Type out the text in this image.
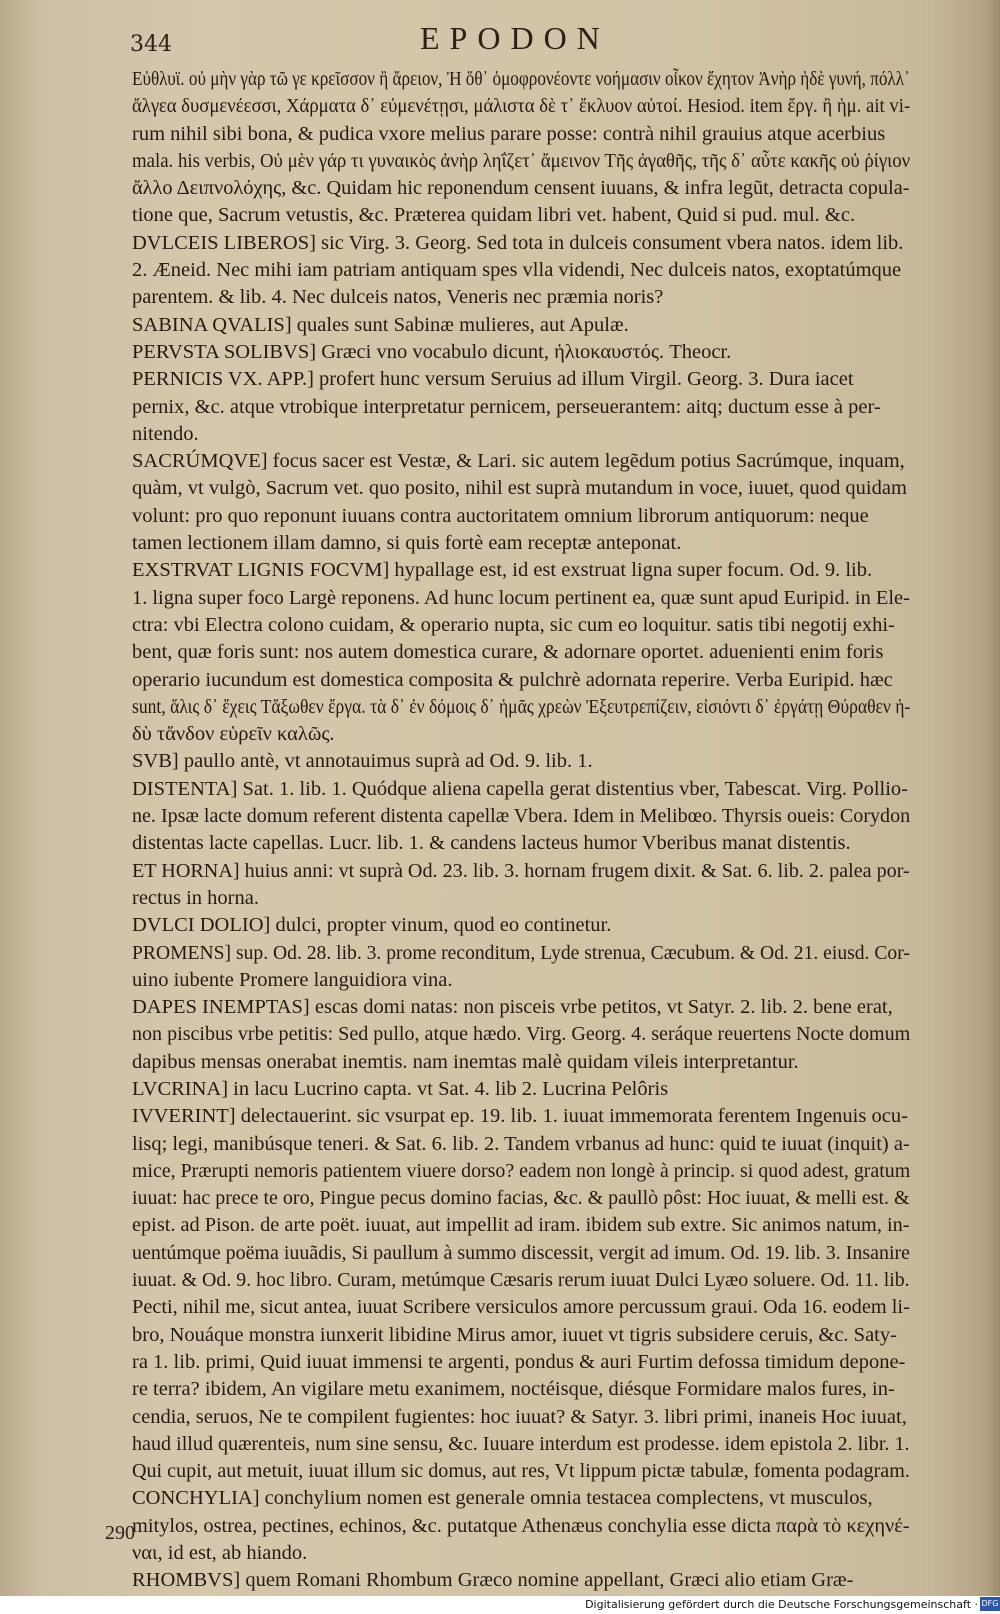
344	EPODON
Εὐθλυϊ. οὐ μὴν γὰρ τῶ γε κρεῖσσον ἢ ἄρειον, Ἠ ὅθ᾽ ὁμοφρονέοντε νοήμασιν οἶκον ἔχητον Ἀνὴρ ἠδὲ γυνή, πόλλ᾽
ἄλγεα δυσμενέεσσι, Χάρματα δ᾽ εὐμενέτῃσι, μάλιστα δὲ τ᾽ ἔκλυον αὐτοί. Hesiod. item ἔργ. ἢ ἡμ. ait vi-
rum nihil sibi bona, & pudica vxore melius parare posse: contrà nihil grauius atque acerbius
mala. his verbis, Οὐ μὲν γάρ τι γυναικὸς ἀνὴρ ληΐζετ᾽ ἄμεινον Τῆς ἀγαθῆς, τῆς δ᾽ αὖτε κακῆς οὐ ῥίγιον
ἄλλο Δειπνολόχης, &c. Quidam hic reponendum censent iuuans, & infra legũt, detracta copula-
tione que, Sacrum vetustis, &c. Præterea quidam libri vet. habent, Quid si pud. mul. &c.
DVLCEIS LIBEROS] sic Virg. 3. Georg. Sed tota in dulceis consument vbera natos. idem lib.
2. Æneid. Nec mihi iam patriam antiquam spes vlla videndi, Nec dulceis natos, exoptatúmque
parentem. & lib. 4. Nec dulceis natos, Veneris nec præmia noris?
SABINA QVALIS] quales sunt Sabinæ mulieres, aut Apulæ.
PERVSTA SOLIBVS] Græci vno vocabulo dicunt, ἡλιοκαυστός. Theocr.
PERNICIS VX. APP.] profert hunc versum Seruius ad illum Virgil. Georg. 3. Dura iacet
pernix, &c. atque vtrobique interpretatur pernicem, perseuerantem: aitq; ductum esse à per-
nitendo.
SACRÚMQVE] focus sacer est Vestæ, & Lari. sic autem legẽdum potius Sacrúmque, inquam,
quàm, vt vulgò, Sacrum vet. quo posito, nihil est suprà mutandum in voce, iuuet, quod quidam
volunt: pro quo reponunt iuuans contra auctoritatem omnium librorum antiquorum: neque
tamen lectionem illam damno, si quis fortè eam receptæ anteponat.
EXSTRVAT LIGNIS FOCVM] hypallage est, id est exstruat ligna super focum. Od. 9. lib.
1. ligna super foco Largè reponens. Ad hunc locum pertinent ea, quæ sunt apud Euripid. in Ele-
ctra: vbi Electra colono cuidam, & operario nupta, sic cum eo loquitur. satis tibi negotij exhi-
bent, quæ foris sunt: nos autem domestica curare, & adornare oportet. aduenienti enim foris
operario iucundum est domestica composita & pulchrè adornata reperire. Verba Euripid. hæc
sunt, ἅλις δ᾽ ἔχεις Τἄξωθεν ἔργα. τὰ δ᾽ ἐν δόμοις δ᾽ ἡμᾶς χρεὼν Ἐξευτρεπίζειν, εἰσιόντι δ᾽ ἐργάτῃ Θύραθεν ἡ-
δὺ τἄνδον εὑρεῖν καλῶς.
SVB] paullo antè, vt annotauimus suprà ad Od. 9. lib. 1.
DISTENTA] Sat. 1. lib. 1. Quódque aliena capella gerat distentius vber, Tabescat. Virg. Pollio-
ne. Ipsæ lacte domum referent distenta capellæ Vbera. Idem in Melibœo. Thyrsis oueis: Corydon
distentas lacte capellas. Lucr. lib. 1. & candens lacteus humor Vberibus manat distentis.
ET HORNA] huius anni: vt suprà Od. 23. lib. 3. hornam frugem dixit. & Sat. 6. lib. 2. palea por-
rectus in horna.
DVLCI DOLIO] dulci, propter vinum, quod eo continetur.
PROMENS] sup. Od. 28. lib. 3. prome reconditum, Lyde strenua, Cæcubum. & Od. 21. eiusd. Cor-
uino iubente Promere languidiora vina.
DAPES INEMPTAS] escas domi natas: non pisceis vrbe petitos, vt Satyr. 2. lib. 2. bene erat,
non piscibus vrbe petitis: Sed pullo, atque hædo. Virg. Georg. 4. seráque reuertens Nocte domum
dapibus mensas onerabat inemtis. nam inemtas malè quidam vileis interpretantur.
LVCRINA] in lacu Lucrino capta. vt Sat. 4. lib 2. Lucrina Pelôris
IVVERINT] delectauerint. sic vsurpat ep. 19. lib. 1. iuuat immemorata ferentem Ingenuis ocu-
lisq; legi, manibúsque teneri. & Sat. 6. lib. 2. Tandem vrbanus ad hunc: quid te iuuat (inquit) a-
mice, Prærupti nemoris patientem viuere dorso? eadem non longè à princip. si quod adest, gratum
iuuat: hac prece te oro, Pingue pecus domino facias, &c. & paullò pôst: Hoc iuuat, & melli est. &
epist. ad Pison. de arte poët. iuuat, aut impellit ad iram. ibidem sub extre. Sic animos natum, in-
uentúmque poëma iuuãdis, Si paullum à summo discessit, vergit ad imum. Od. 19. lib. 3. Insanire
iuuat. & Od. 9. hoc libro. Curam, metúmque Cæsaris rerum iuuat Dulci Lyæo soluere. Od. 11. lib.
Pecti, nihil me, sicut antea, iuuat Scribere versiculos amore percussum graui. Oda 16. eodem li-
bro, Nouáque monstra iunxerit libidine Mirus amor, iuuet vt tigris subsidere ceruis, &c. Saty-
ra 1. lib. primi, Quid iuuat immensi te argenti, pondus & auri Furtim defossa timidum depone-
re terra? ibidem, An vigilare metu exanimem, noctéisque, diésque Formidare malos fures, in-
cendia, seruos, Ne te compilent fugientes: hoc iuuat? & Satyr. 3. libri primi, inaneis Hoc iuuat,
haud illud quærenteis, num sine sensu, &c. Iuuare interdum est prodesse. idem epistola 2. libr. 1.
Qui cupit, aut metuit, iuuat illum sic domus, aut res, Vt lippum pictæ tabulæ, fomenta podagram.
CONCHYLIA] conchylium nomen est generale omnia testacea complectens, vt musculos,
mitylos, ostrea, pectines, echinos, &c. putatque Athenæus conchylia esse dicta παρὰ τὸ κεχηνέ-
ναι, id est, ab hiando.
RHOMBVS] quem Romani Rhombum Græco nomine appellant, Græci alio etiam Græ-
290
Digitalisierung gefördert durch die Deutsche Forschungsgemeinschaft · DFG
